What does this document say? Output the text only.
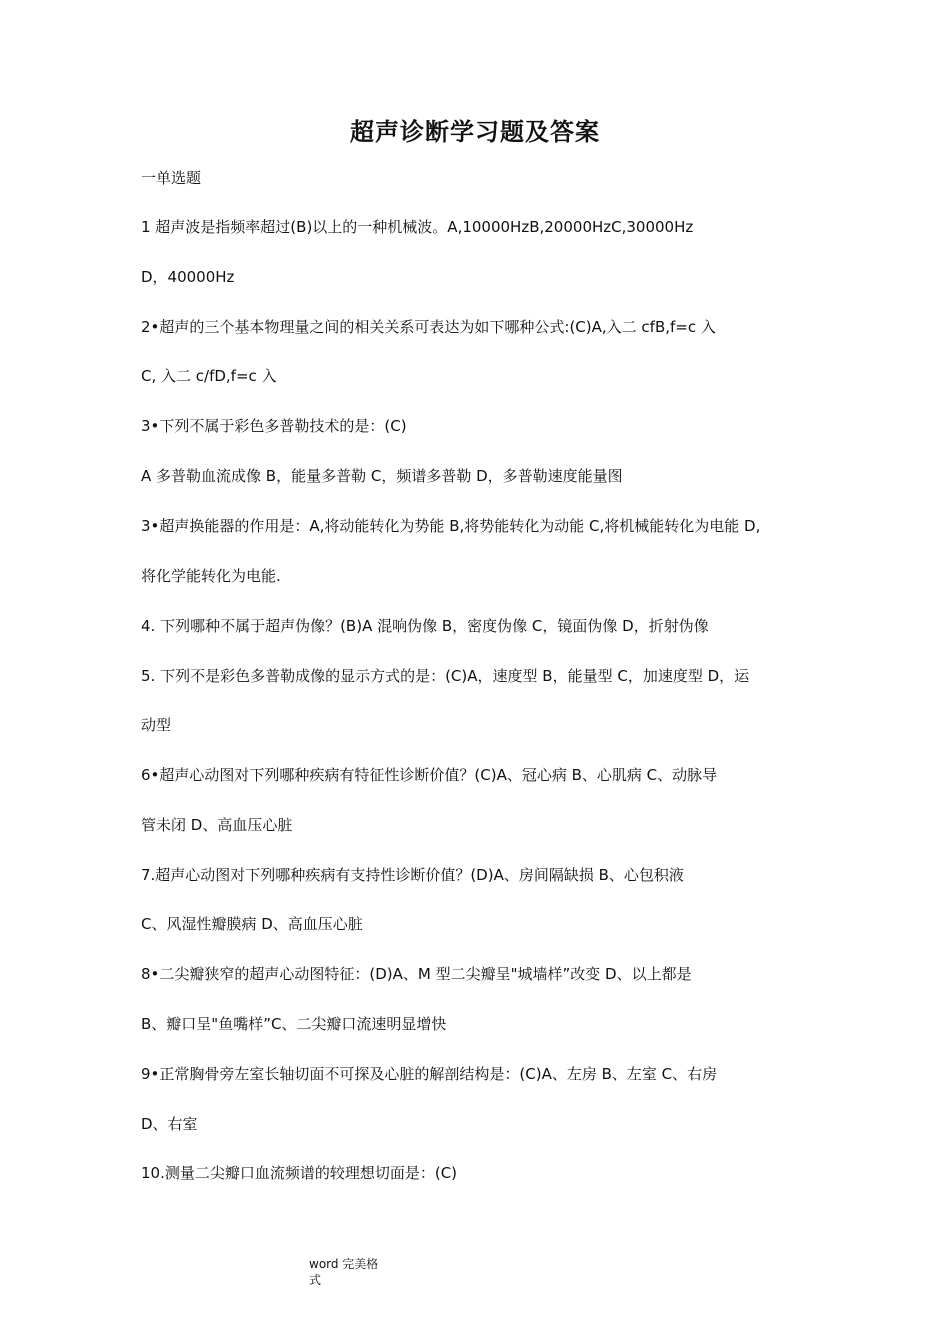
超声诊断学习题及答案
一单选题
1 超声波是指频率超过(B)以上的一种机械波。A,10000HzB,20000HzC,30000Hz
D，40000Hz
2•超声的三个基本物理量之间的相关关系可表达为如下哪种公式:(C)A,入二 cfB,f=c 入
C, 入二 c/fD,f=c 入
3•下列不属于彩色多普勒技术的是：(C)
A 多普勒血流成像 B，能量多普勒 C，频谱多普勒 D，多普勒速度能量图
3•超声换能器的作用是：A,将动能转化为势能 B,将势能转化为动能 C,将机械能转化为电能 D,
将化学能转化为电能.
4. 下列哪种不属于超声伪像？(B)A 混响伪像 B，密度伪像 C，镜面伪像 D，折射伪像
5. 下列不是彩色多普勒成像的显示方式的是：(C)A，速度型 B，能量型 C，加速度型 D，运
动型
6•超声心动图对下列哪种疾病有特征性诊断价值？(C)A、冠心病 B、心肌病 C、动脉导
管未闭 D、高血压心脏
7.超声心动图对下列哪种疾病有支持性诊断价值？(D)A、房间隔缺损 B、心包积液
C、风湿性瓣膜病 D、高血压心脏
8•二尖瓣狭窄的超声心动图特征：(D)A、M 型二尖瓣呈"城墙样”改变 D、以上都是
B、瓣口呈"鱼嘴样”C、二尖瓣口流速明显增快
9•正常胸骨旁左室长轴切面不可探及心脏的解剖结构是：(C)A、左房 B、左室 C、右房
D、右室
10.测量二尖瓣口血流频谱的较理想切面是：(C)
word 完美格
式
